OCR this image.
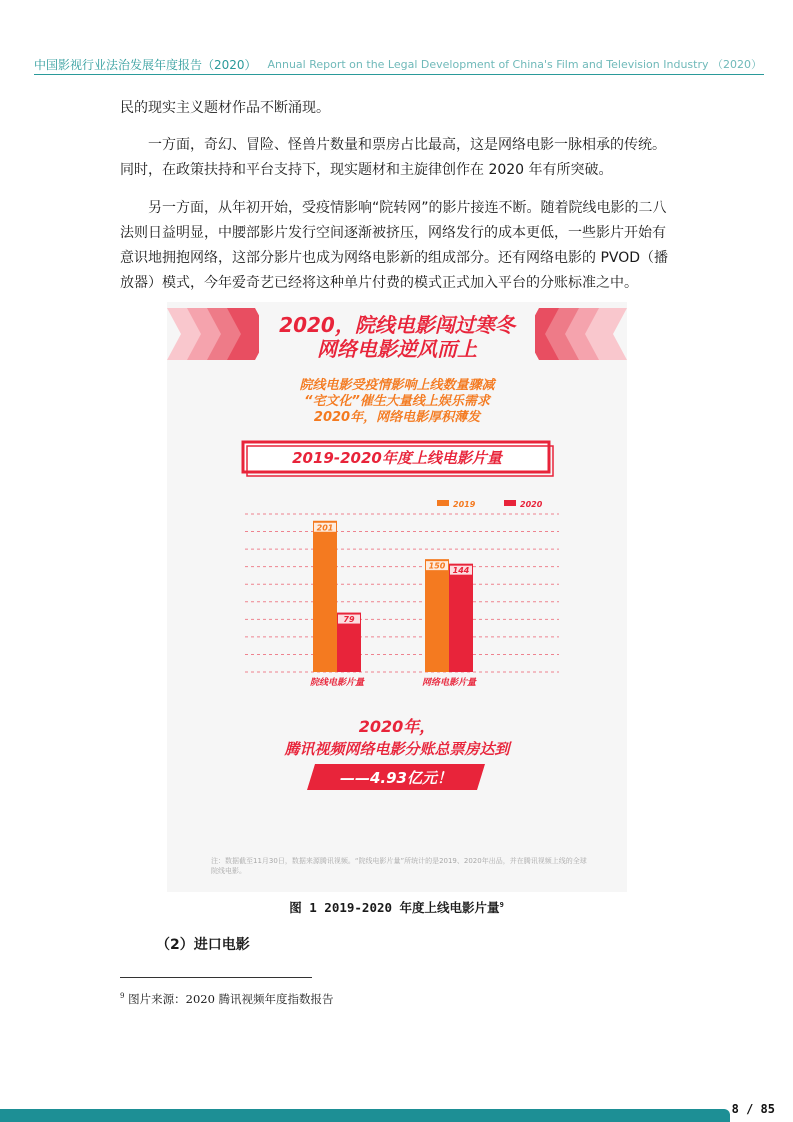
中国影视行业法治发展年度报告（2020） Annual Report on the Legal Development of China's Film and Television Industry （2020）

民的现实主义题材作品不断涌现。

一方面，奇幻、冒险、怪兽片数量和票房占比最高，这是网络电影一脉相承的传统。同时，在政策扶持和平台支持下，现实题材和主旋律创作在 2020 年有所突破。

另一方面，从年初开始，受疫情影响“院转网”的影片接连不断。随着院线电影的二八法则日益明显，中腰部影片发行空间逐渐被挤压，网络发行的成本更低，一些影片开始有意识地拥抱网络，这部分影片也成为网络电影新的组成部分。还有网络电影的 PVOD（播放器）模式，今年爱奇艺已经将这种单片付费的模式正式加入平台的分账标准之中。

2020，院线电影闯过寒冬
网络电影逆风而上
院线电影受疫情影响上线数量骤减
“宅文化”催生大量线上娱乐需求
2020年，网络电影厚积薄发
2019-2020年度上线电影片量
201
79
院线电影片量
150
144
网络电影片量
2019	2020
2020年，
腾讯视频网络电影分账总票房达到
——4.93亿元！
注：数据截至11月30日，数据来源腾讯视频。“院线电影片量”所统计的是2019、2020年出品，并在腾讯视频上线的全球院线电影。
图 1 2019-2020 年度上线电影片量$^9$
（2）进口电影
$^9$ 图片来源：2020 腾讯视频年度指数报告
8 / 85
